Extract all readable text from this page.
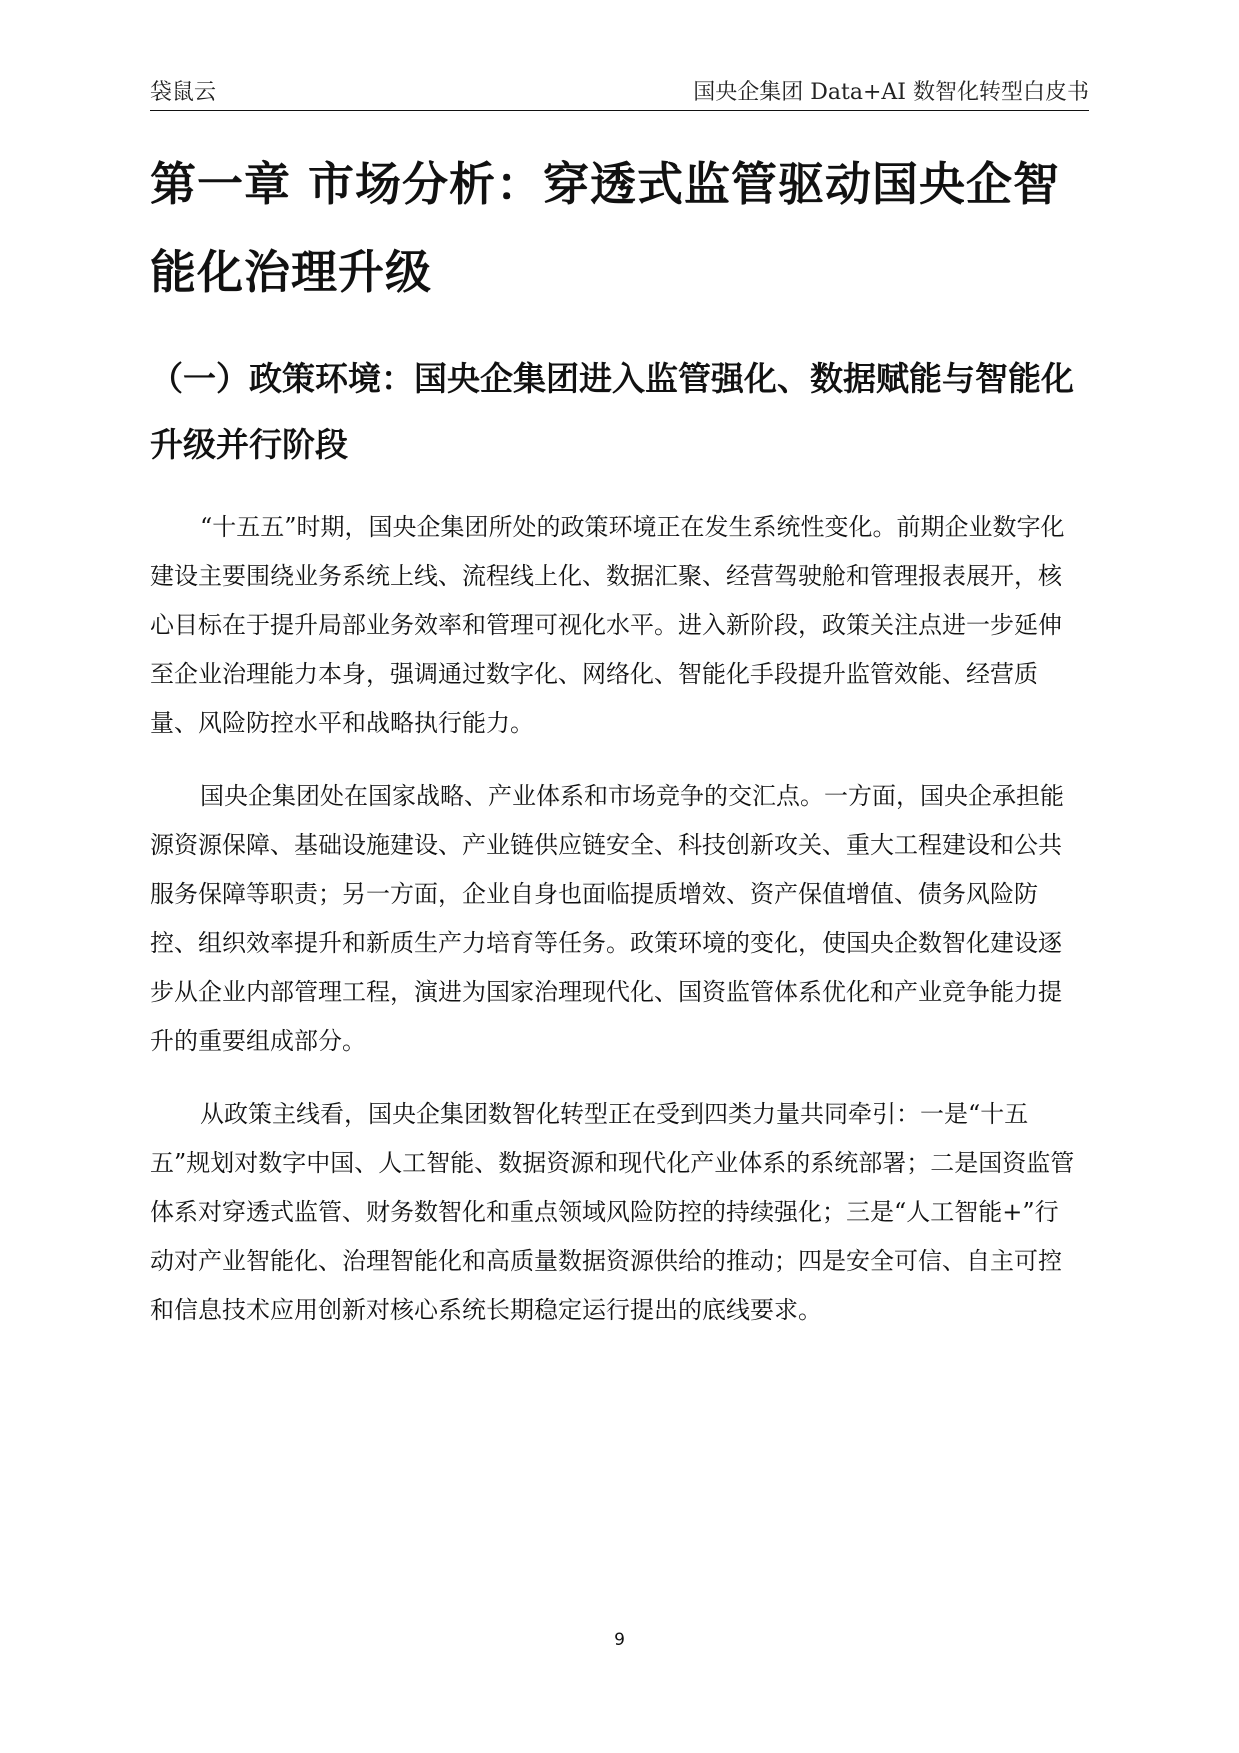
袋鼠云	国央企集团 Data+AI 数智化转型白皮书
第一章 市场分析：穿透式监管驱动国央企智能化治理升级
（一）政策环境：国央企集团进入监管强化、数据赋能与智能化升级并行阶段

“十五五”时期，国央企集团所处的政策环境正在发生系统性变化。前期企业数字化建设主要围绕业务系统上线、流程线上化、数据汇聚、经营驾驶舱和管理报表展开，核心目标在于提升局部业务效率和管理可视化水平。进入新阶段，政策关注点进一步延伸至企业治理能力本身，强调通过数字化、网络化、智能化手段提升监管效能、经营质量、风险防控水平和战略执行能力。

国央企集团处在国家战略、产业体系和市场竞争的交汇点。一方面，国央企承担能源资源保障、基础设施建设、产业链供应链安全、科技创新攻关、重大工程建设和公共服务保障等职责；另一方面，企业自身也面临提质增效、资产保值增值、债务风险防控、组织效率提升和新质生产力培育等任务。政策环境的变化，使国央企数智化建设逐步从企业内部管理工程，演进为国家治理现代化、国资监管体系优化和产业竞争能力提升的重要组成部分。

从政策主线看，国央企集团数智化转型正在受到四类力量共同牵引：一是“十五五”规划对数字中国、人工智能、数据资源和现代化产业体系的系统部署；二是国资监管体系对穿透式监管、财务数智化和重点领域风险防控的持续强化；三是“人工智能+”行动对产业智能化、治理智能化和高质量数据资源供给的推动；四是安全可信、自主可控和信息技术应用创新对核心系统长期稳定运行提出的底线要求。

9
